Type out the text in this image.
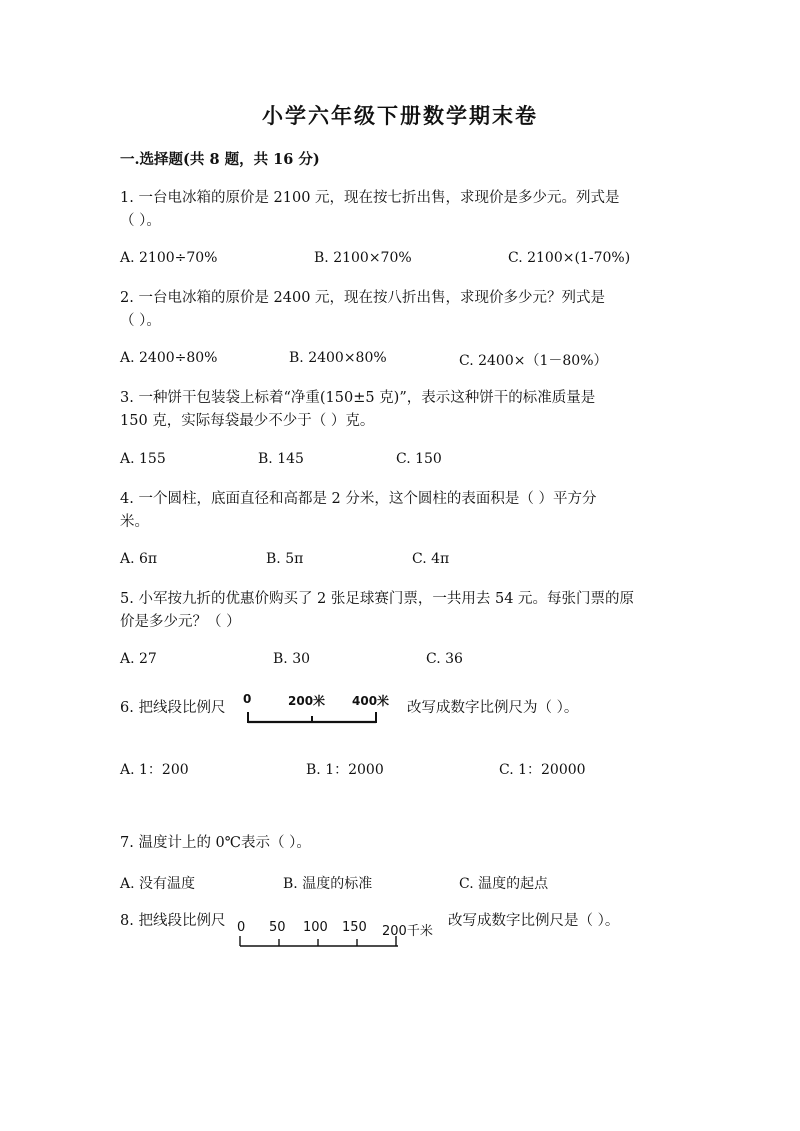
小学六年级下册数学期末卷
一.选择题(共 8 题，共 16 分)
1. 一台电冰箱的原价是 2100 元，现在按七折出售，求现价是多少元。列式是
（ ）。
A. 2100÷70%	B. 2100×70%	C. 2100×(1-70%)
2. 一台电冰箱的原价是 2400 元，现在按八折出售，求现价多少元？列式是
（ ）。
A. 2400÷80%	B. 2400×80%	C. 2400×（1－80%）
3. 一种饼干包装袋上标着“净重(150±5 克)”，表示这种饼干的标准质量是
150 克，实际每袋最少不少于（ ）克。
A. 155	B. 145	C. 150
4. 一个圆柱，底面直径和高都是 2 分米，这个圆柱的表面积是（ ）平方分
米。
A. 6π	B. 5π	C. 4π
5. 小军按九折的优惠价购买了 2 张足球赛门票，一共用去 54 元。每张门票的原
价是多少元？（ ）
A. 27	B. 30	C. 36
6. 把线段比例尺
0	200米 400米 改写成数字比例尺为（ ）。
A. 1：200	B. 1：2000	C. 1：20000
7. 温度计上的 0℃表示（ ）。
A. 没有温度	B. 温度的标准	C. 温度的起点
8. 把线段比例尺 0 50 100 150 200千米
改写成数字比例尺是（ ）。
